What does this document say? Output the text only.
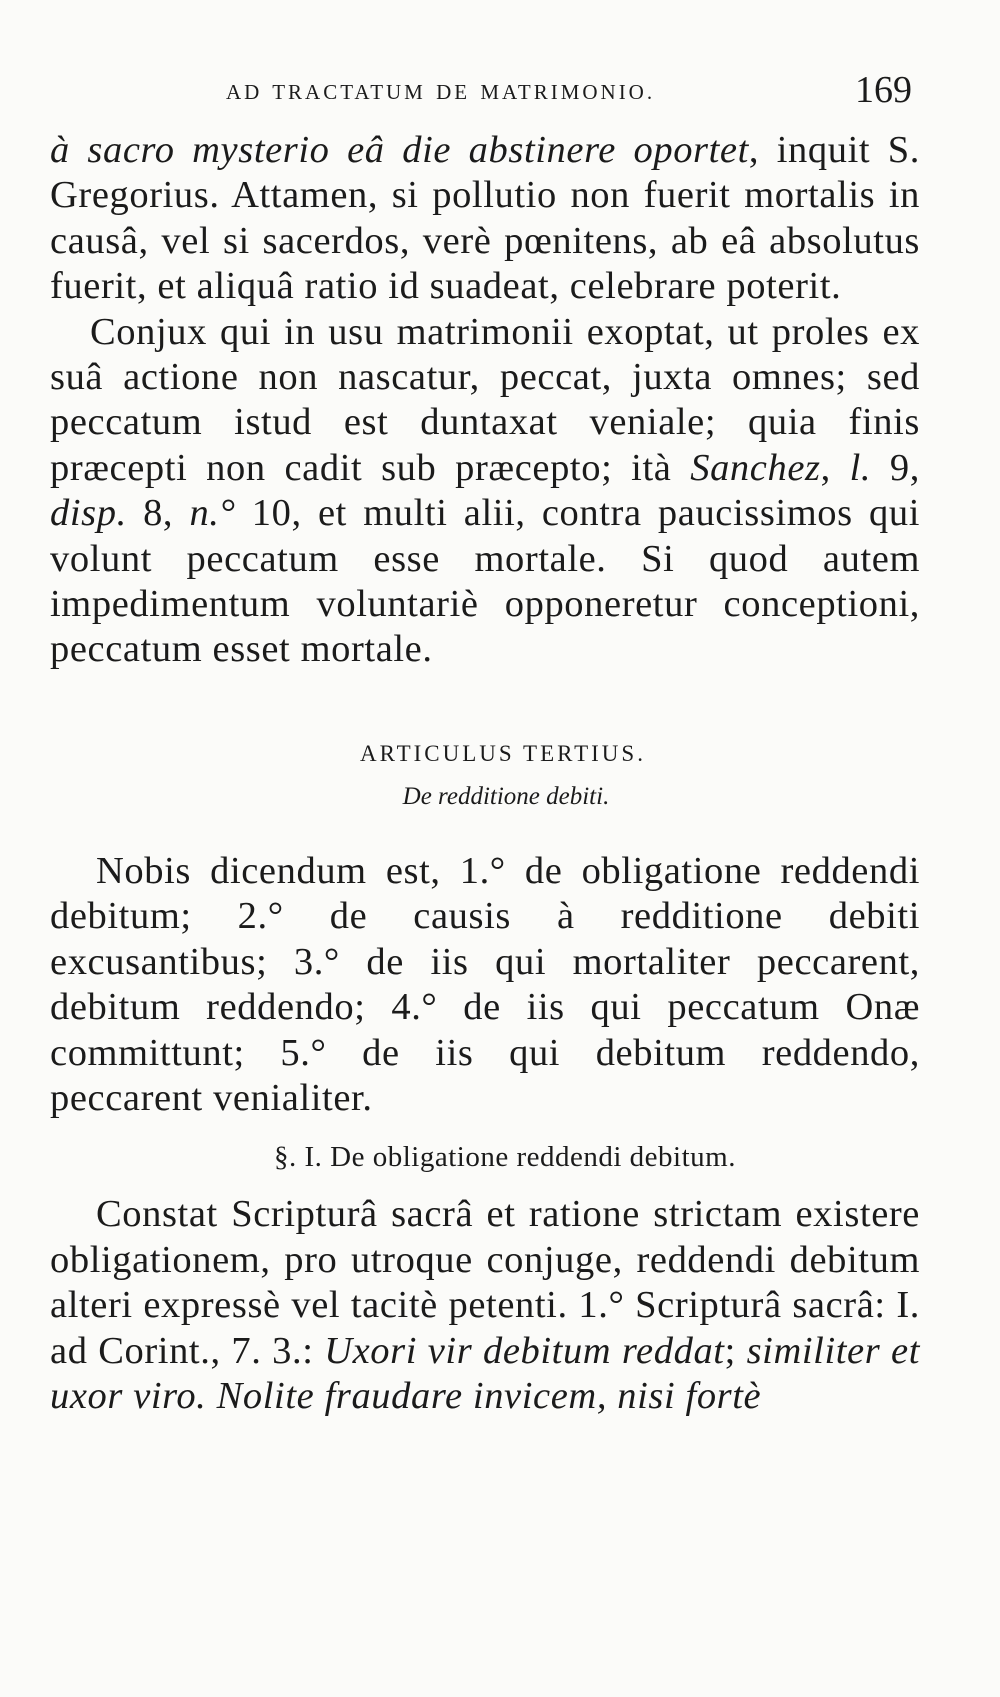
AD TRACTATUM DE MATRIMONIO.	169

à sacro mysterio eâ die abstinere oportet, inquit S. Gregorius. Attamen, si pollutio non fuerit mortalis in causâ, vel si sacerdos, verè pœnitens, ab eâ absolutus fuerit, et aliquâ ratio id suadeat, celebrare poterit.

Conjux qui in usu matrimonii exoptat, ut proles ex suâ actione non nascatur, peccat, juxta omnes; sed peccatum istud est duntaxat veniale; quia finis præcepti non cadit sub præcepto; ità Sanchez, l. 9, disp. 8, n.° 10, et multi alii, contra paucissimos qui volunt peccatum esse mortale. Si quod autem impedimentum voluntariè opponeretur conceptioni, peccatum esset mortale.

ARTICULUS TERTIUS.
De redditione debiti.

Nobis dicendum est, 1.° de obligatione reddendi debitum; 2.° de causis à redditione debiti excusantibus; 3.° de iis qui mortaliter peccarent, debitum reddendo; 4.° de iis qui peccatum Onæ committunt; 5.° de iis qui debitum reddendo, peccarent venialiter.

§. I. De obligatione reddendi debitum.

Constat Scripturâ sacrâ et ratione strictam existere obligationem, pro utroque conjuge, reddendi debitum alteri expressè vel tacitè petenti. 1.° Scripturâ sacrâ: I. ad Corint., 7. 3.: Uxori vir debitum reddat; similiter et uxor viro. Nolite fraudare invicem, nisi fortè
